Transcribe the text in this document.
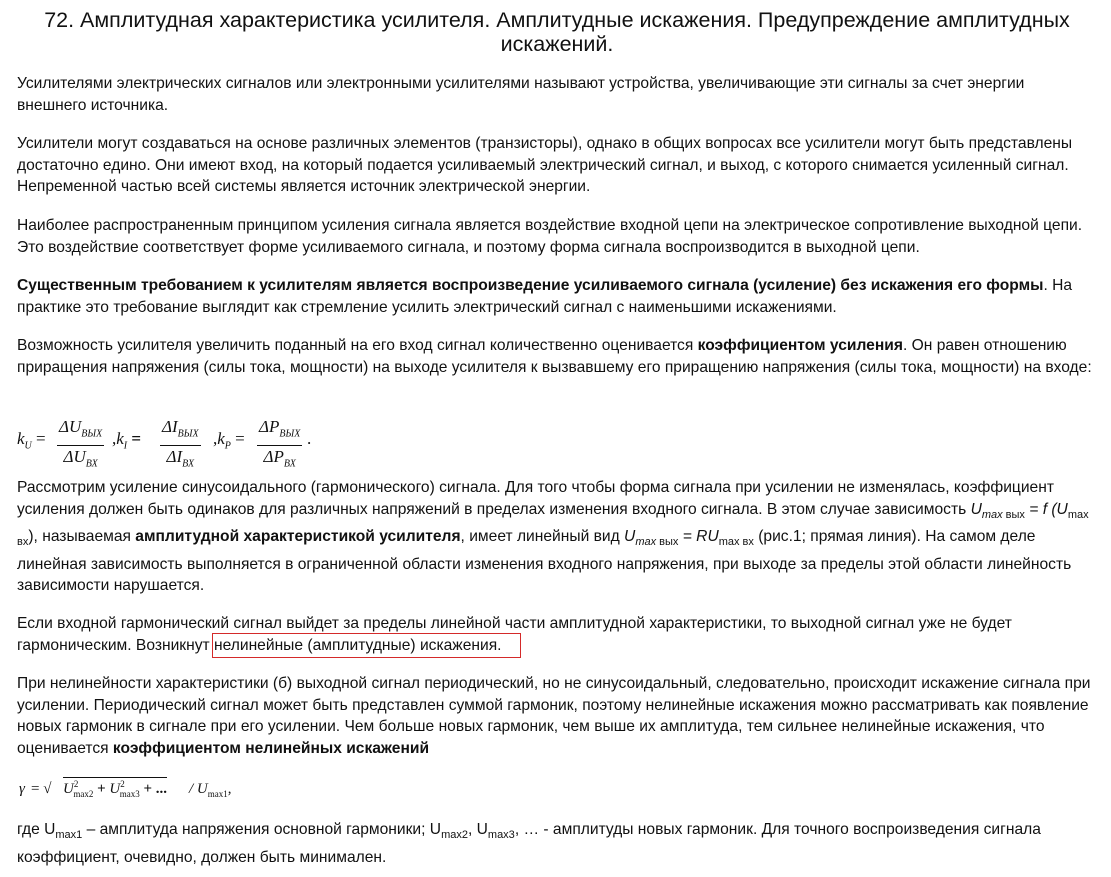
72. Амплитудная характеристика усилителя. Амплитудные искажения. Предупреждение амплитудных искажений.

Усилителями электрических сигналов или электронными усилителями называют устройства, увеличивающие эти сигналы за счет энергии внешнего источника.

Усилители могут создаваться на основе различных элементов (транзисторы), однако в общих вопросах все усилители могут быть представлены достаточно едино. Они имеют вход, на который подается усиливаемый электрический сигнал, и выход, с которого снимается усиленный сигнал. Непременной частью всей системы является источник электрической энергии.

Наиболее распространенным принципом усиления сигнала является воздействие входной цепи на электрическое сопротивление выходной цепи. Это воздействие соответствует форме усиливаемого сигнала, и поэтому форма сигнала воспроизводится в выходной цепи.

Существенным требованием к усилителям является воспроизведение усиливаемого сигнала (усиление) без искажения его формы. На практике это требование выглядит как стремление усилить электрический сигнал с наименьшими искажениями.

Возможность усилителя увеличить поданный на его вход сигнал количественно оценивается коэффициентом усиления. Он равен отношению приращения напряжения (силы тока, мощности) на выходе усилителя к вызвавшему его приращению напряжения (силы тока, мощности) на входе:

$k_U$ =
$\Delta U_{ВЫХ}$
$\Delta U_{ВХ}$
$,k_I$ =
$\Delta I_{ВЫХ}$
$\Delta I_{ВХ}$
$,k_P$ =
$\Delta P_{ВЫХ}$
$\Delta P_{ВХ}$
.

Рассмотрим усиление синусоидального (гармонического) сигнала. Для того чтобы форма сигнала при усилении не изменялась, коэффициент усиления должен быть одинаков для различных напряжений в пределах изменения входного сигнала. В этом случае зависимость $U_{max}$ $_{вых}$ = f $(U_{max вх})$, называемая амплитудной характеристикой усилителя, имеет линейный вид $U_{max}$ $_{вых} = RU_{max вх}$ (рис.1; прямая линия). На самом деле линейная зависимость выполняется в ограниченной области изменения входного напряжения, при выходе за пределы этой области линейность зависимости нарушается.

Если входной гармонический сигнал выйдет за пределы линейной части амплитудной характеристики, то выходной сигнал уже не будет гармоническим. Возникнут нелинейные (амплитудные) искажения.

При нелинейности характеристики (б) выходной сигнал периодический, но не синусоидальный, следовательно, происходит искажение сигнала при усилении. Периодический сигнал может быть представлен суммой гармоник, поэтому нелинейные искажения можно рассматривать как появление новых гармоник в сигнале при его усилении. Чем больше новых гармоник, чем выше их амплитуда, тем сильнее нелинейные искажения, что оценивается коэффициентом нелинейных искажений

γ = √ $U^2_{max2} + U^2_{max3}$ + ... / $U_{max1}$,

где $U_{max1}$ – амплитуда напряжения основной гармоники; $U_{max2}$, $U_{max3}$, … - амплитуды новых гармоник. Для точного воспроизведения сигнала коэффициент, очевидно, должен быть минимален.
